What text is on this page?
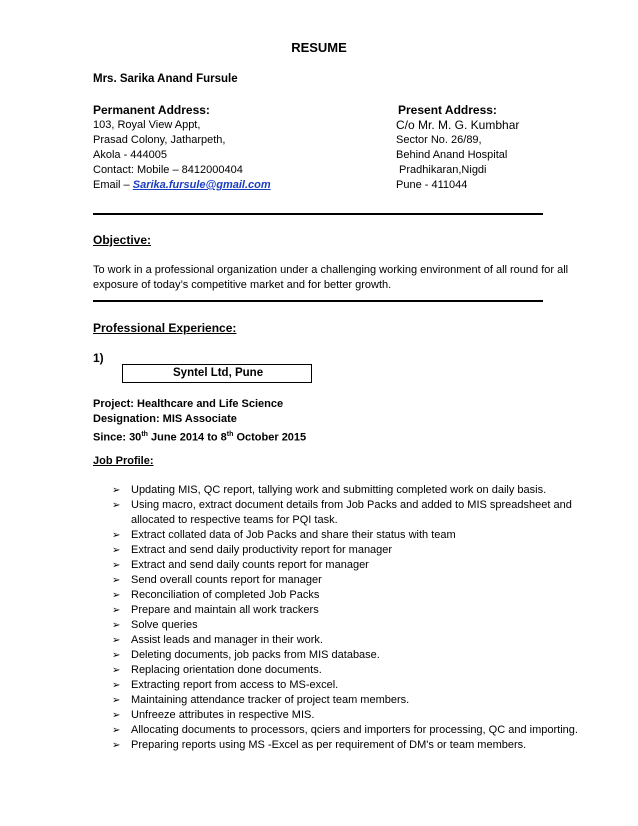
RESUME
Mrs. Sarika Anand Fursule
Permanent Address:
103, Royal View Appt,
Prasad Colony, Jatharpeth,
Akola - 444005
Contact: Mobile – 8412000404
Email – Sarika.fursule@gmail.com
Present Address:
C/o Mr. M. G. Kumbhar
Sector No. 26/89,
Behind Anand Hospital
Pradhikaran,Nigdi
Pune - 411044
Objective:
To work in a professional organization under a challenging working environment of all round for all
exposure of today’s competitive market and for better growth.
Professional Experience:
1)
Syntel Ltd, Pune
Project: Healthcare and Life Science
Designation: MIS Associate
Since: 30th June 2014 to 8th October 2015
Job Profile:
➢ Updating MIS, QC report, tallying work and submitting completed work on daily basis.
➢ Using macro, extract document details from Job Packs and added to MIS spreadsheet and allocated to respective teams for PQI task.
➢ Extract collated data of Job Packs and share their status with team
➢ Extract and send daily productivity report for manager
➢ Extract and send daily counts report for manager
➢ Send overall counts report for manager
➢ Reconciliation of completed Job Packs
➢ Prepare and maintain all work trackers
➢ Solve queries
➢ Assist leads and manager in their work.
➢ Deleting documents, job packs from MIS database.
➢ Replacing orientation done documents.
➢ Extracting report from access to MS-excel.
➢ Maintaining attendance tracker of project team members.
➢ Unfreeze attributes in respective MIS.
➢ Allocating documents to processors, qciers and importers for processing, QC and importing.
➢ Preparing reports using MS -Excel as per requirement of DM's or team members.
